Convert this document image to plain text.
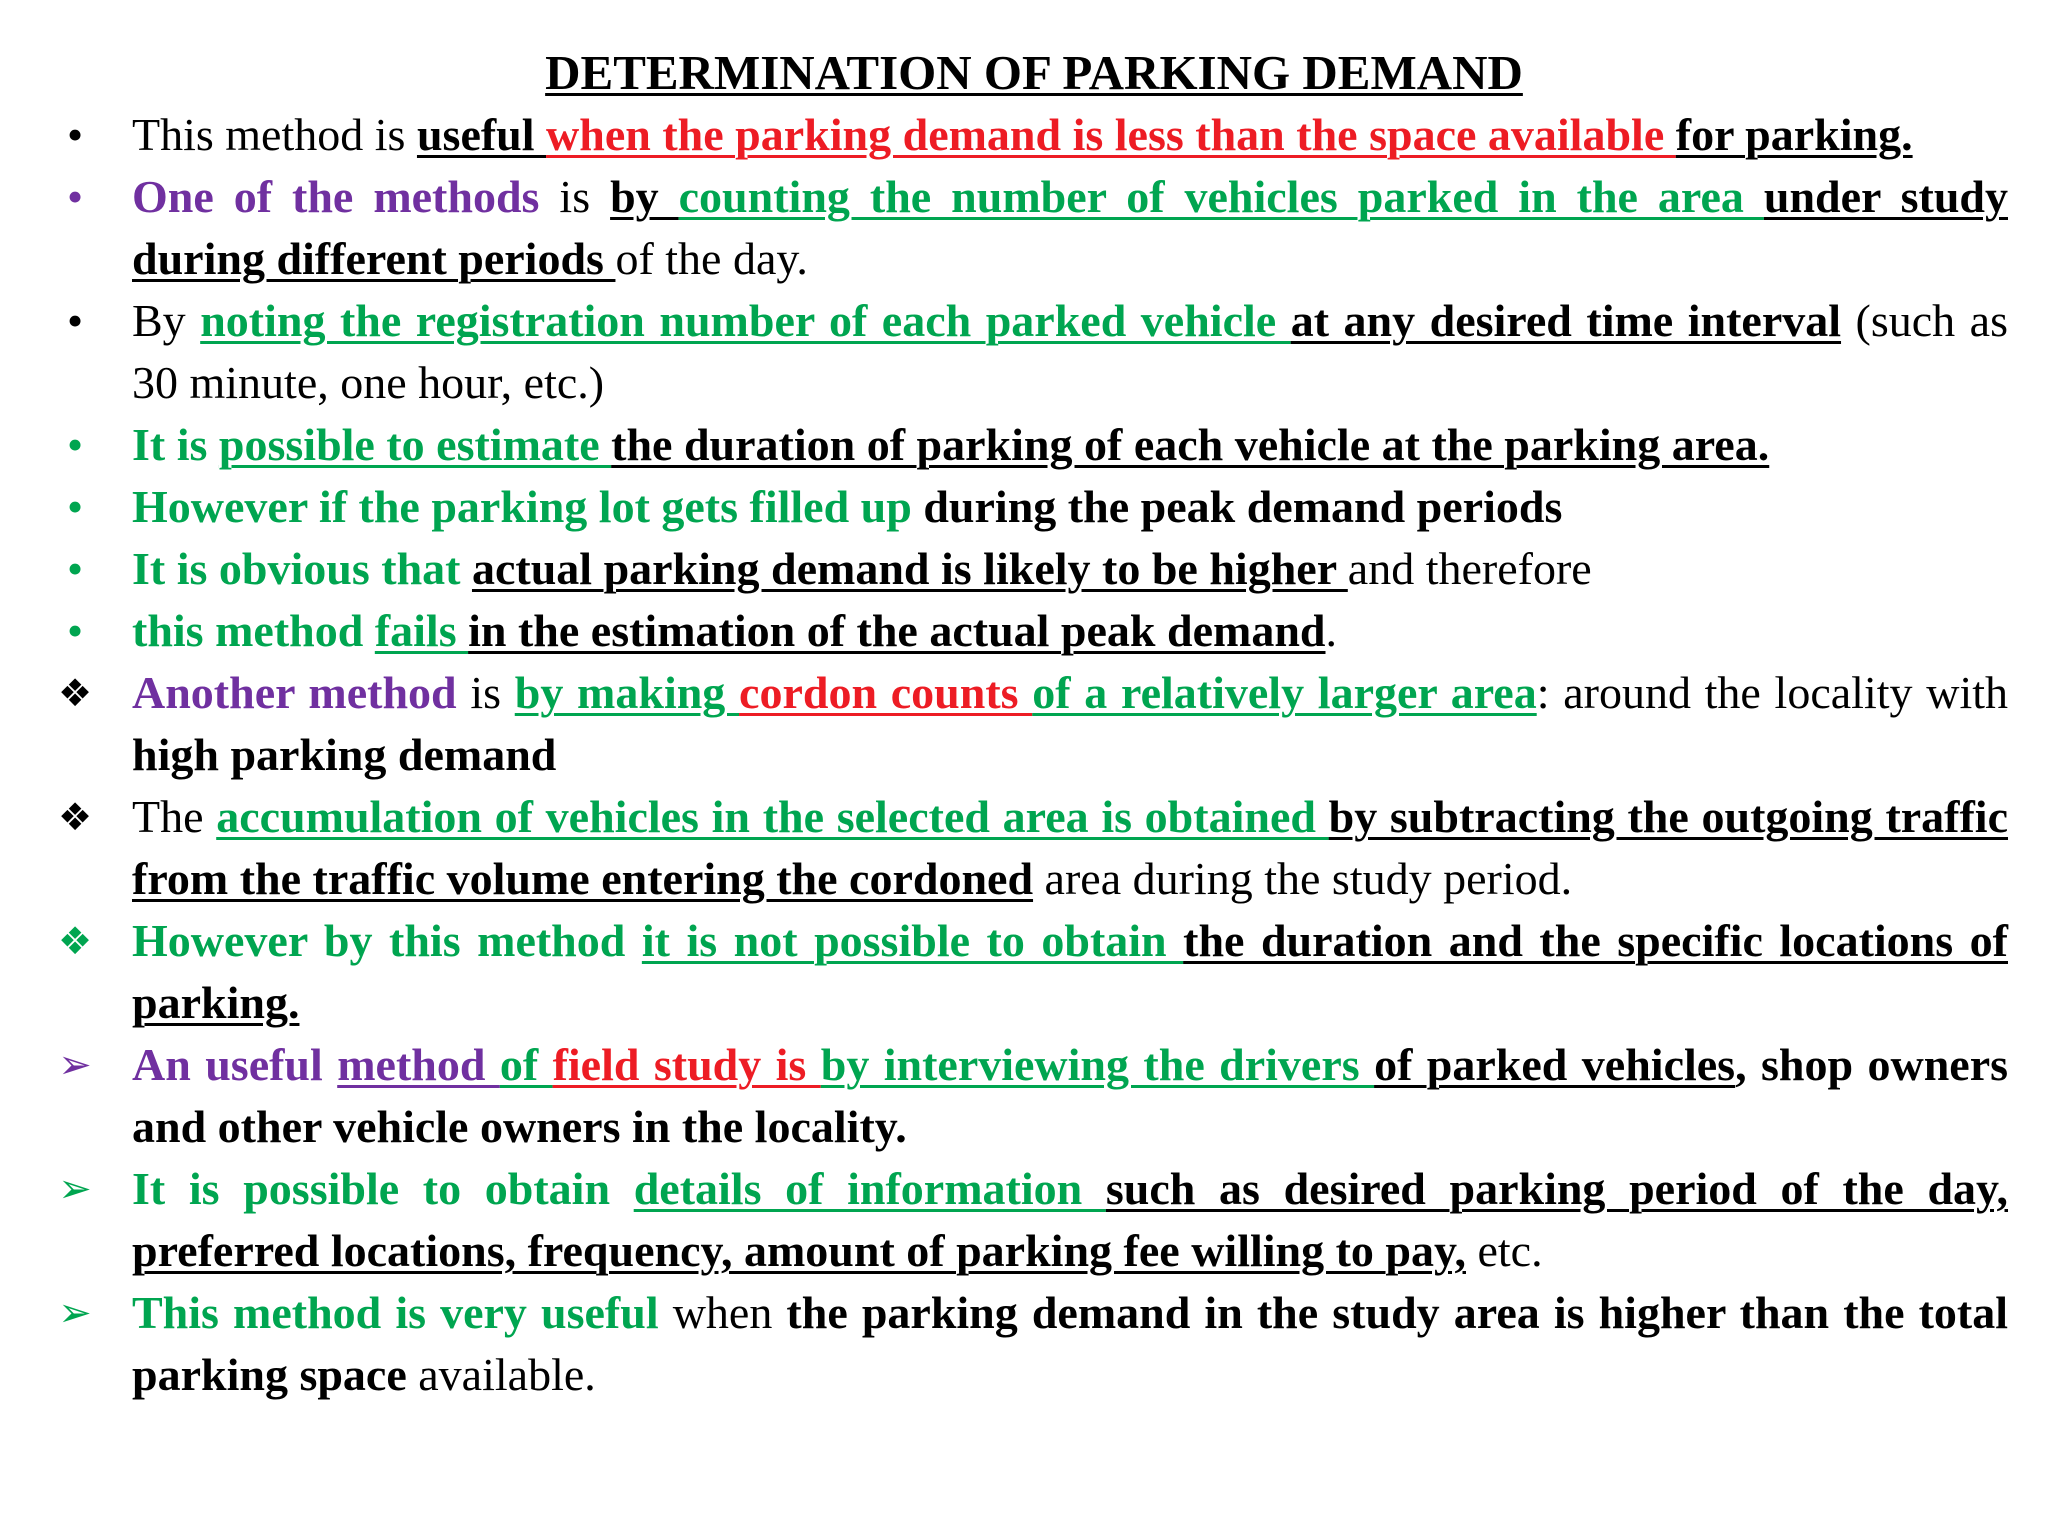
DETERMINATION OF PARKING DEMAND
•	This method is useful when the parking demand is less than the space available for parking.
•	One of the methods is by counting the number of vehicles parked in the area under study during different periods of the day.
•	By noting the registration number of each parked vehicle at any desired time interval (such as 30 minute, one hour, etc.)
•	It is possible to estimate the duration of parking of each vehicle at the parking area.
•	However if the parking lot gets filled up during the peak demand periods
•	It is obvious that actual parking demand is likely to be higher and therefore
•	this method fails in the estimation of the actual peak demand.
❖ Another method is by making cordon counts of a relatively larger area: around the locality with high parking demand
❖ The accumulation of vehicles in the selected area is obtained by subtracting the outgoing traffic from the traffic volume entering the cordoned area during the study period.
❖ However by this method it is not possible to obtain the duration and the specific locations of parking.
➢ An useful method of field study is by interviewing the drivers of parked vehicles, shop owners and other vehicle owners in the locality.
➢ It is possible to obtain details of information such as desired parking period of the day, preferred locations, frequency, amount of parking fee willing to pay, etc.
➢ This method is very useful when the parking demand in the study area is higher than the total parking space available.
